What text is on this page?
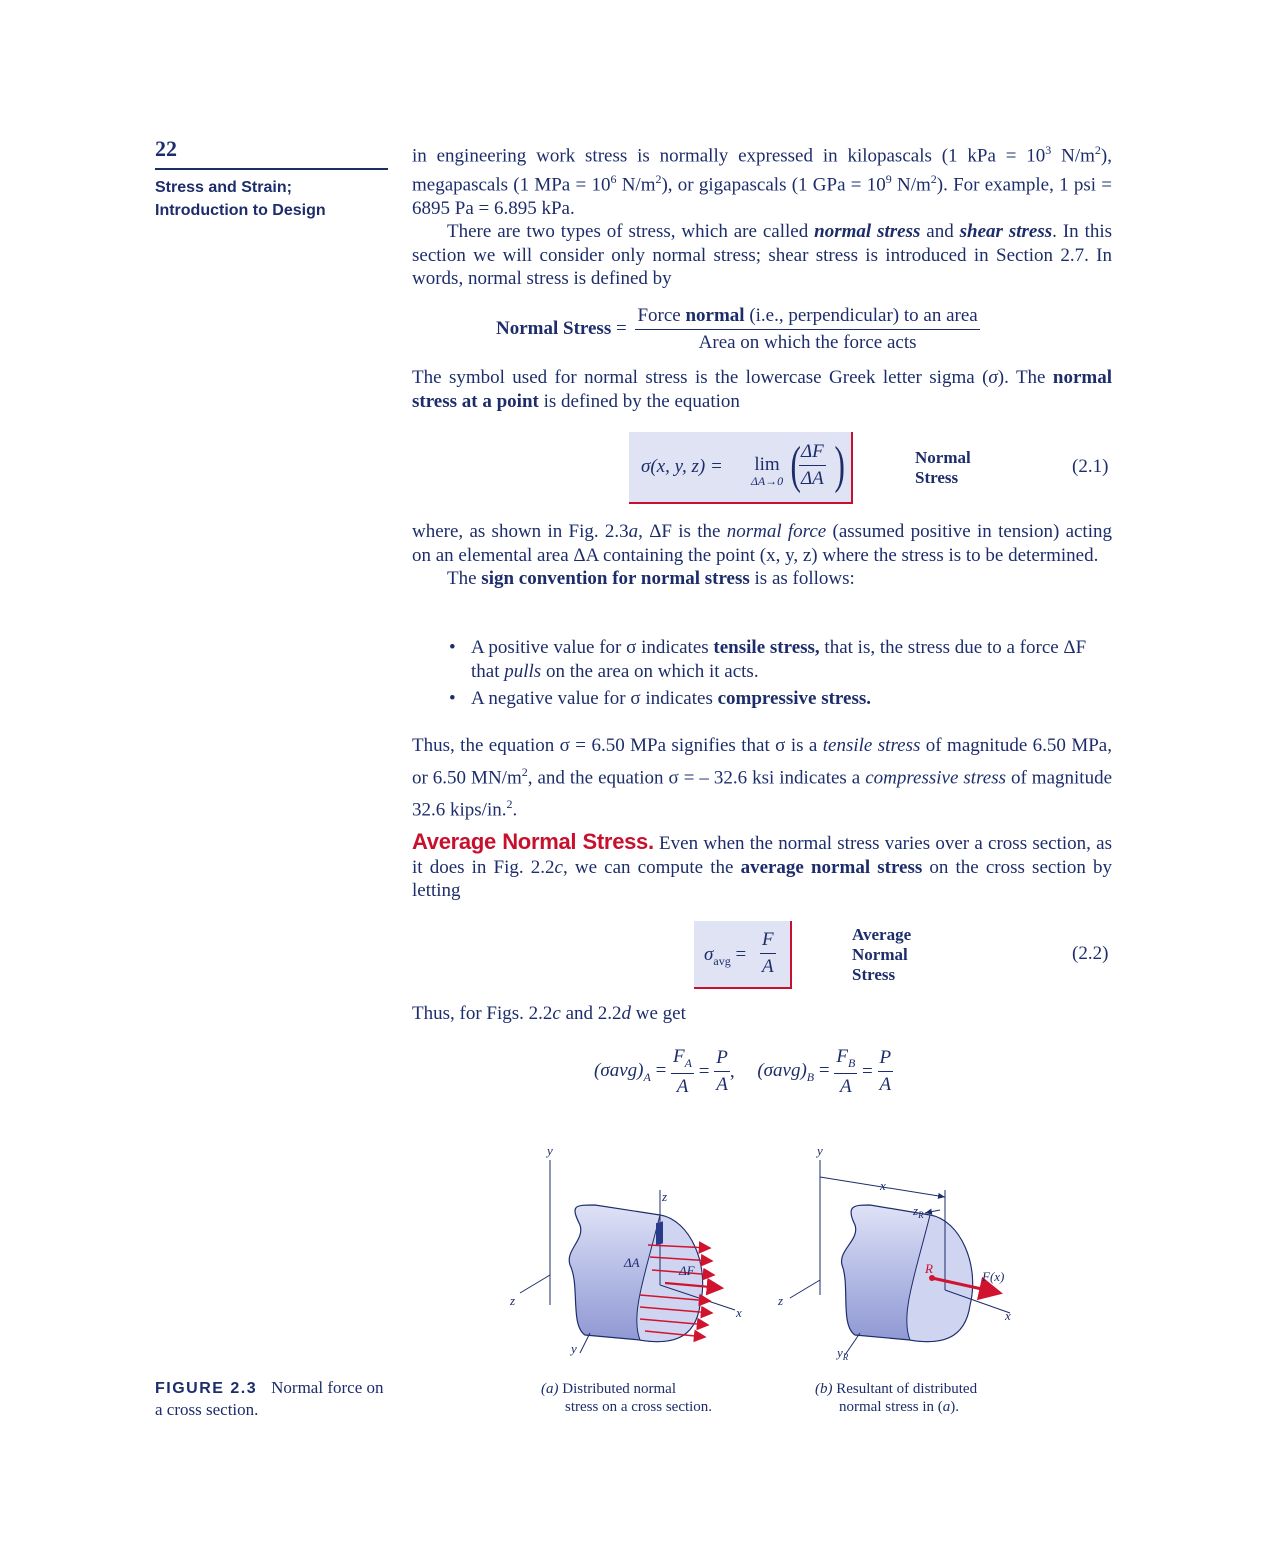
22
Stress and Strain;
Introduction to Design

in engineering work stress is normally expressed in kilopascals (1 kPa = $10^3$ $N/m^2$), megapascals (1 MPa = $10^6$ $N/m^2$), or gigapascals (1 GPa = $10^9$ $N/m^2$). For example, 1 psi = 6895 Pa = 6.895 kPa.

There are two types of stress, which are called normal stress and shear stress. In this section we will consider only normal stress; shear stress is introduced in Section 2.7. In words, normal stress is defined by

Normal Stress = $\frac{\text{Force normal (i.e., perpendicular) to an area}}{\text{Area on which the force acts}}$

The symbol used for normal stress is the lowercase Greek letter sigma (σ). The normal stress at a point is defined by the equation

σ(x, y, z) =	lim
ΔA→0 (
$\frac{\Delta F}{\Delta A}$ )	Normal
Stress
(2.1)

where, as shown in Fig. 2.3a, ΔF is the normal force (assumed positive in tension) acting on an elemental area ΔA containing the point (x, y, z) where the stress is to be determined.

The sign convention for normal stress is as follows:

• A positive value for σ indicates tensile stress, that is, the stress due to a force ΔF that pulls on the area on which it acts.
• A negative value for σ indicates compressive stress.

Thus, the equation σ = 6.50 MPa signifies that σ is a tensile stress of magnitude 6.50 MPa, or 6.50 $MN/m^2$, and the equation σ = – 32.6 ksi indicates a compressive stress of magnitude 32.6 kips/in.$^2$.

Average Normal Stress. Even when the normal stress varies over a cross section, as it does in Fig. 2.2c, we can compute the average normal stress on the cross section by letting

$\sigma_{avg} = \frac{F}{A}$	Average
Normal
Stress
(2.2)

Thus, for Figs. 2.2c and 2.2d we get

$(\sigma avg)_A = \frac{F_A}{A} = \frac{P}{A}$ , $(\sigma avg)_B = \frac{F_B}{A} = \frac{P}{A}$
y
z
x
z
y
ΔA
ΔF
y
z
x
x
$z_R$
$y_R$
R
F(x)
FIGURE 2.3 Normal force on a cross section.
(a) Distributed normal
stress on a cross section.
(b) Resultant of distributed
normal stress in (a).
